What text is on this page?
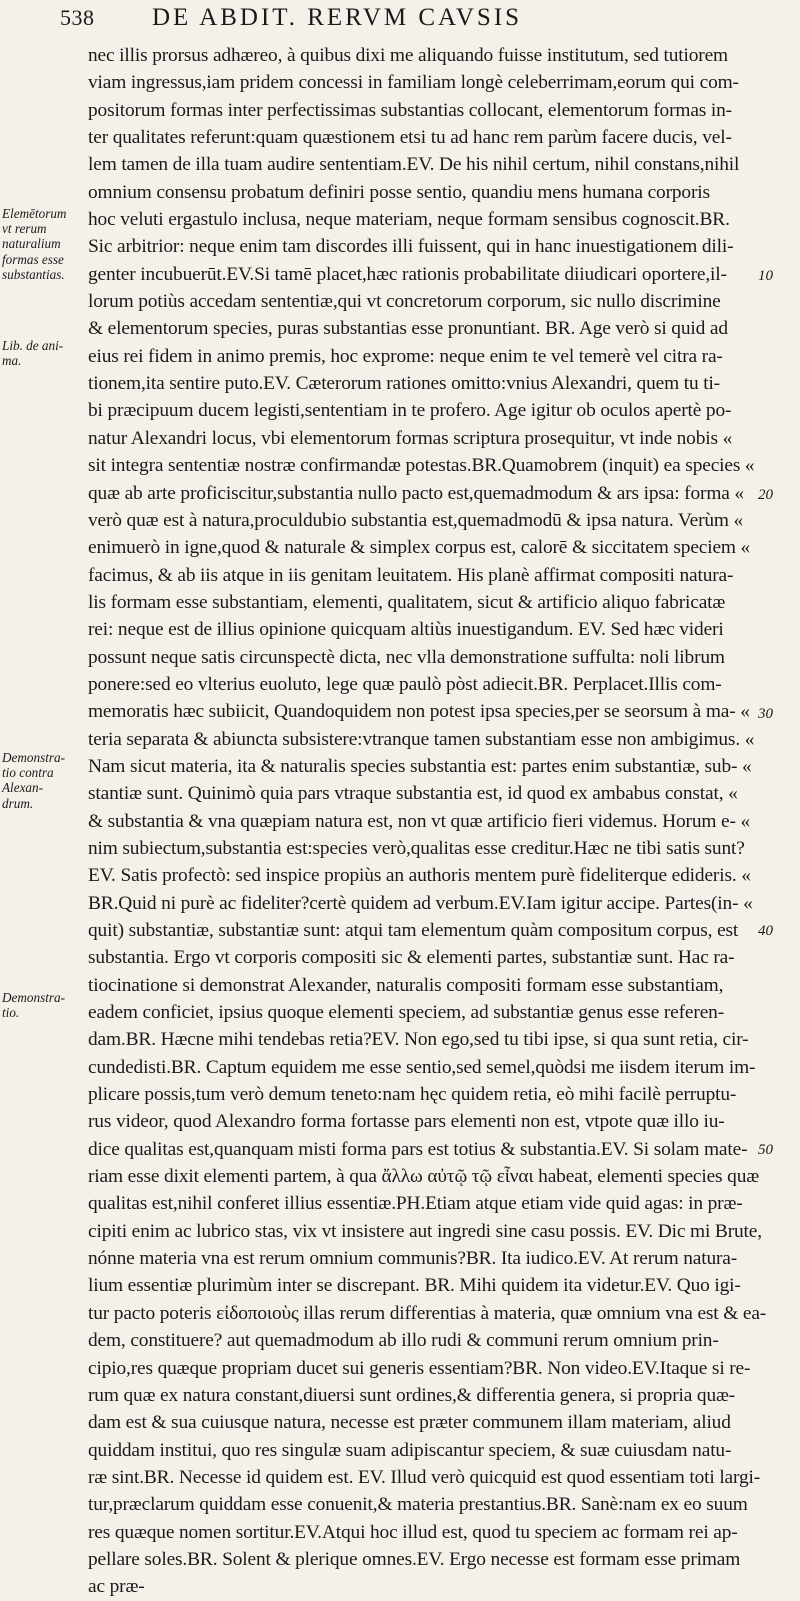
538	DE ABDIT. RERVM CAVSIS
nec illis prorsus adhæreo, à quibus dixi me aliquando fuisse institutum, sed tutiorem
viam ingressus,iam pridem concessi in familiam longè celeberrimam,eorum qui com-
positorum formas inter perfectissimas substantias collocant, elementorum formas in-
ter qualitates referunt:quam quæstionem etsi tu ad hanc rem parùm facere ducis, vel-
lem tamen de illa tuam audire sententiam.EV. De his nihil certum, nihil constans,nihil
omnium consensu probatum definiri posse sentio, quandiu mens humana corporis
hoc veluti ergastulo inclusa, neque materiam, neque formam sensibus cognoscit.BR.
Sic arbitrior: neque enim tam discordes illi fuissent, qui in hanc inuestigationem dili-
genter incubuerūt.EV.Si tamē placet,hæc rationis probabilitate diiudicari oportere,il-
lorum potiùs accedam sententiæ,qui vt concretorum corporum, sic nullo discrimine
& elementorum species, puras substantias esse pronuntiant. BR. Age verò si quid ad
eius rei fidem in animo premis, hoc exprome: neque enim te vel temerè vel citra ra-
tionem,ita sentire puto.EV. Cæterorum rationes omitto:vnius Alexandri, quem tu ti-
bi præcipuum ducem legisti,sententiam in te profero. Age igitur ob oculos apertè po-
natur Alexandri locus, vbi elementorum formas scriptura prosequitur, vt inde nobis «
sit integra sententiæ nostræ confirmandæ potestas.BR.Quamobrem (inquit) ea species «
quæ ab arte proficiscitur,substantia nullo pacto est,quemadmodum & ars ipsa: forma «
verò quæ est à natura,proculdubio substantia est,quemadmodū & ipsa natura. Verùm «
enimuerò in igne,quod & naturale & simplex corpus est, calorē & siccitatem speciem «
facimus, & ab iis atque in iis genitam leuitatem. His planè affirmat compositi natura-
lis formam esse substantiam, elementi, qualitatem, sicut & artificio aliquo fabricatæ
rei: neque est de illius opinione quicquam altiùs inuestigandum. EV. Sed hæc videri
possunt neque satis circunspectè dicta, nec vlla demonstratione suffulta: noli librum
ponere:sed eo vlterius euoluto, lege quæ paulò pòst adiecit.BR. Perplacet.Illis com-
memoratis hæc subiicit, Quandoquidem non potest ipsa species,per se seorsum à ma- «
teria separata & abiuncta subsistere:vtranque tamen substantiam esse non ambigimus. «
Nam sicut materia, ita & naturalis species substantia est: partes enim substantiæ, sub- «
stantiæ sunt. Quinimò quia pars vtraque substantia est, id quod ex ambabus constat, «
& substantia & vna quæpiam natura est, non vt quæ artificio fieri videmus. Horum e- «
nim subiectum,substantia est:species verò,qualitas esse creditur.Hæc ne tibi satis sunt?
EV. Satis profectò: sed inspice propiùs an authoris mentem purè fideliterque edideris. «
BR.Quid ni purè ac fideliter?certè quidem ad verbum.EV.Iam igitur accipe. Partes(in- «
quit) substantiæ, substantiæ sunt: atqui tam elementum quàm compositum corpus, est
substantia. Ergo vt corporis compositi sic & elementi partes, substantiæ sunt. Hac ra-
tiocinatione si demonstrat Alexander, naturalis compositi formam esse substantiam,
eadem conficiet, ipsius quoque elementi speciem, ad substantiæ genus esse referen-
dam.BR. Hæcne mihi tendebas retia?EV. Non ego,sed tu tibi ipse, si qua sunt retia, cir-
cundedisti.BR. Captum equidem me esse sentio,sed semel,quòdsi me iisdem iterum im-
plicare possis,tum verò demum teneto:nam hęc quidem retia, eò mihi facilè perruptu-
rus videor, quod Alexandro forma fortasse pars elementi non est, vtpote quæ illo iu-
dice qualitas est,quanquam misti forma pars est totius & substantia.EV. Si solam mate-
riam esse dixit elementi partem, à qua ἄλλω αὐτῷ τῷ εἶναι habeat, elementi species quæ
qualitas est,nihil conferet illius essentiæ.PH.Etiam atque etiam vide quid agas: in præ-
cipiti enim ac lubrico stas, vix vt insistere aut ingredi sine casu possis. EV. Dic mi Brute,
nónne materia vna est rerum omnium communis?BR. Ita iudico.EV. At rerum natura-
lium essentiæ plurimùm inter se discrepant. BR. Mihi quidem ita videtur.EV. Quo igi-
tur pacto poteris εἰδοποιοὺς illas rerum differentias à materia, quæ omnium vna est & ea-
dem, constituere? aut quemadmodum ab illo rudi & communi rerum omnium prin-
cipio,res quæque propriam ducet sui generis essentiam?BR. Non video.EV.Itaque si re-
rum quæ ex natura constant,diuersi sunt ordines,& differentia genera, si propria quæ-
dam est & sua cuiusque natura, necesse est præter communem illam materiam, aliud
quiddam institui, quo res singulæ suam adipiscantur speciem, & suæ cuiusdam natu-
ræ sint.BR. Necesse id quidem est. EV. Illud verò quicquid est quod essentiam toti largi-
tur,præclarum quiddam esse conuenit,& materia prestantius.BR. Sanè:nam ex eo suum
res quæque nomen sortitur.EV.Atqui hoc illud est, quod tu speciem ac formam rei ap-
pellare soles.BR. Solent & plerique omnes.EV. Ergo necesse est formam esse primam
ac præ-
Elemētorum
vt rerum
naturalium
formas esse
substantias.
Lib. de ani-
ma.
Demonstra-
tio contra
Alexan-
drum.
Demonstra-
tio.
10
20
30
40
50
